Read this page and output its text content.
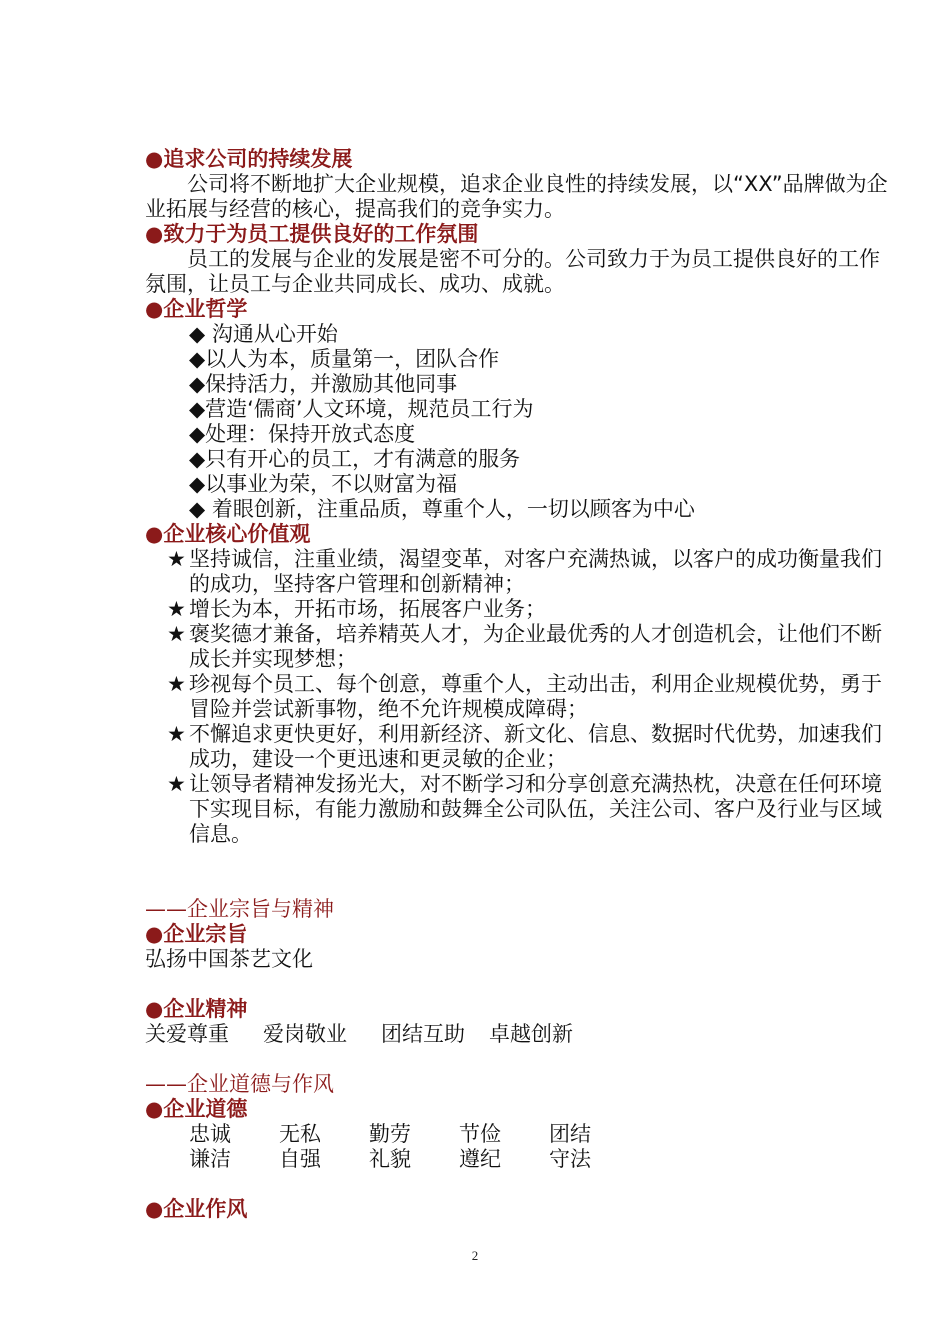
●追求公司的持续发展
公司将不断地扩大企业规模，追求企业良性的持续发展，以“XX”品牌做为企业拓展与经营的核心，提高我们的竞争实力。
●致力于为员工提供良好的工作氛围
员工的发展与企业的发展是密不可分的。公司致力于为员工提供良好的工作氛围，让员工与企业共同成长、成功、成就。
●企业哲学
◆ 沟通从心开始
◆以人为本，质量第一，团队合作
◆保持活力，并激励其他同事
◆营造‘儒商’人文环境，规范员工行为
◆处理：保持开放式态度
◆只有开心的员工，才有满意的服务
◆以事业为荣，不以财富为福
◆ 着眼创新，注重品质，尊重个人，一切以顾客为中心
●企业核心价值观
★ 坚持诚信，注重业绩，渴望变革，对客户充满热诚，以客户的成功衡量我们的成功，坚持客户管理和创新精神；
★ 增长为本，开拓市场，拓展客户业务；
★ 褒奖德才兼备，培养精英人才，为企业最优秀的人才创造机会，让他们不断成长并实现梦想；
★ 珍视每个员工、每个创意，尊重个人，主动出击，利用企业规模优势，勇于冒险并尝试新事物，绝不允许规模成障碍；
★ 不懈追求更快更好，利用新经济、新文化、信息、数据时代优势，加速我们成功，建设一个更迅速和更灵敏的企业；
★ 让领导者精神发扬光大，对不断学习和分享创意充满热枕，决意在任何环境下实现目标，有能力激励和鼓舞全公司队伍，关注公司、客户及行业与区域信息。
——企业宗旨与精神
●企业宗旨
弘扬中国茶艺文化
●企业精神
关爱尊重 爱岗敬业 团结互助 卓越创新
——企业道德与作风
●企业道德
忠诚	无私	勤劳	节俭	团结
谦洁	自强	礼貌	遵纪	守法
●企业作风
2
